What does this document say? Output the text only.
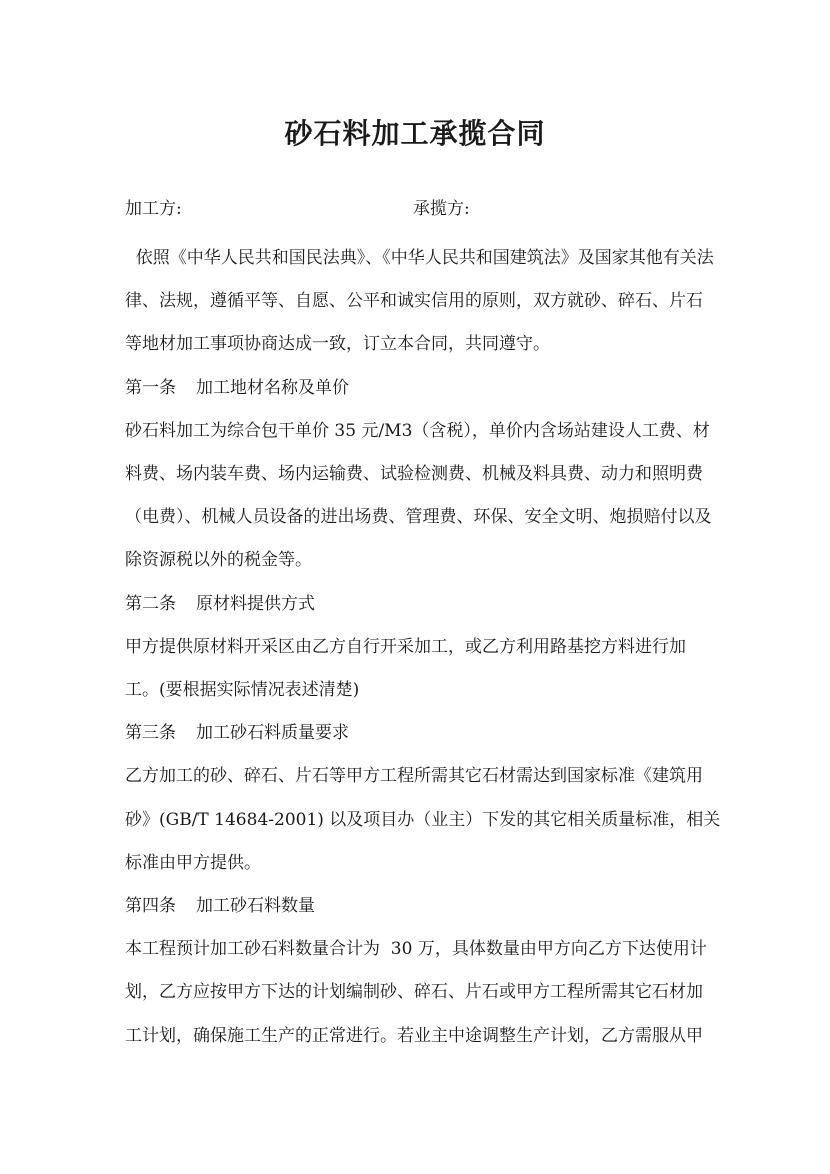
砂石料加工承揽合同
加工方:	承揽方:
依照《中华人民共和国民法典》、《中华人民共和国建筑法》及国家其他有关法
律、法规，遵循平等、自愿、公平和诚实信用的原则，双方就砂、碎石、片石
等地材加工事项协商达成一致，订立本合同，共同遵守。
第一条 加工地材名称及单价
砂石料加工为综合包干单价 35 元/M3（含税），单价内含场站建设人工费、材
料费、场内装车费、场内运输费、试验检测费、机械及料具费、动力和照明费
（电费）、机械人员设备的进出场费、管理费、环保、安全文明、炮损赔付以及
除资源税以外的税金等。
第二条 原材料提供方式
甲方提供原材料开采区由乙方自行开采加工，或乙方利用路基挖方料进行加
工。(要根据实际情况表述清楚)
第三条 加工砂石料质量要求
乙方加工的砂、碎石、片石等甲方工程所需其它石材需达到国家标准《建筑用
砂》(GB/T 14684-2001) 以及项目办（业主）下发的其它相关质量标准，相关
标准由甲方提供。
第四条 加工砂石料数量
本工程预计加工砂石料数量合计为  30 万，具体数量由甲方向乙方下达使用计
划，乙方应按甲方下达的计划编制砂、碎石、片石或甲方工程所需其它石材加
工计划，确保施工生产的正常进行。若业主中途调整生产计划，乙方需服从甲
